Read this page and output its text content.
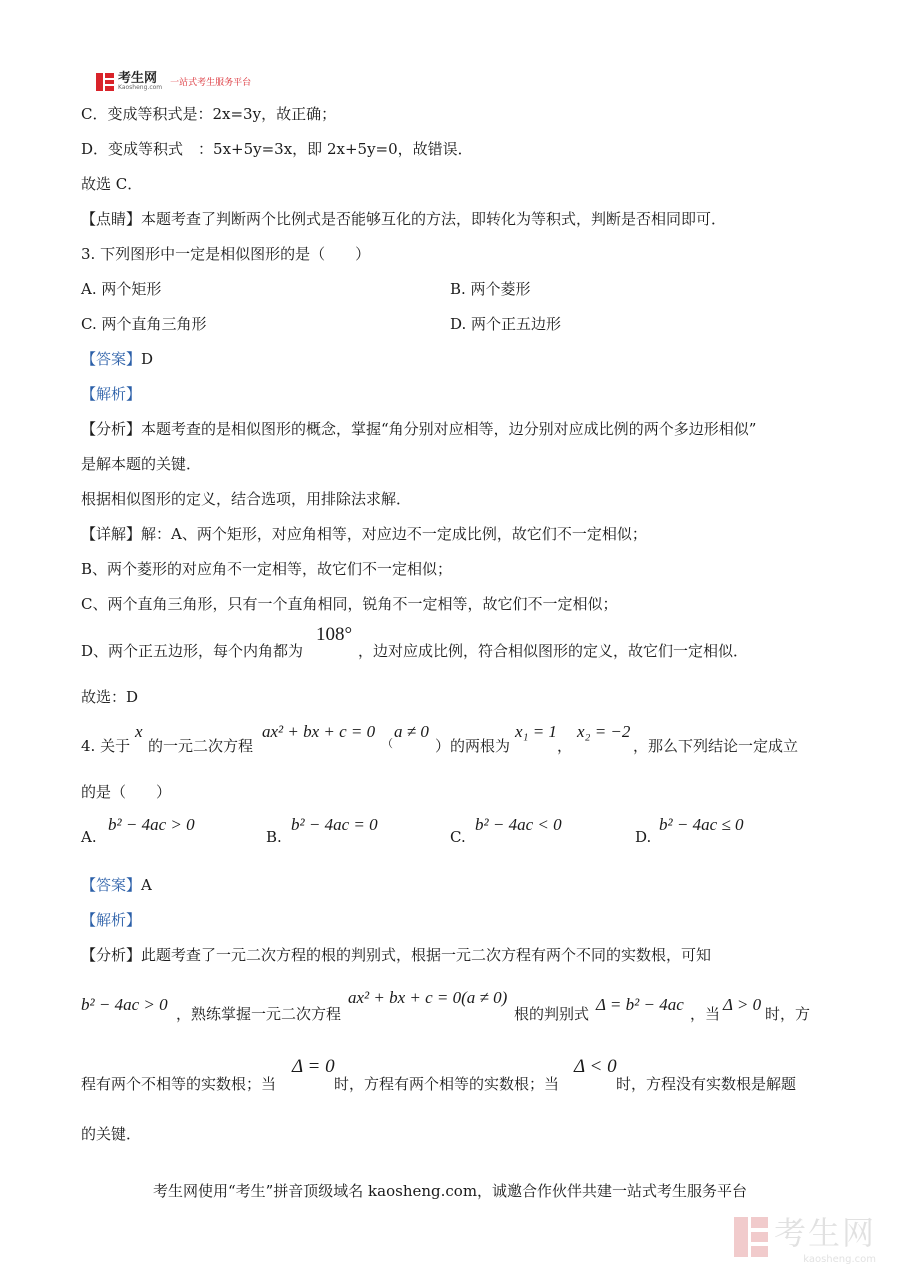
考生网
Kaosheng.com 一站式考生服务平台
C．变成等积式是：2x=3y，故正确；
D．变成等积式　：5x+5y=3x，即 2x+5y=0，故错误．
故选 C．
【点睛】本题考查了判断两个比例式是否能够互化的方法，即转化为等积式，判断是否相同即可．
3. 下列图形中一定是相似图形的是（　　）
A. 两个矩形	B. 两个菱形
C. 两个直角三角形	D. 两个正五边形
【答案】D
【解析】
【分析】本题考查的是相似图形的概念，掌握“角分别对应相等，边分别对应成比例的两个多边形相似”
是解本题的关键．
根据相似图形的定义，结合选项，用排除法求解．
【详解】解：A、两个矩形，对应角相等，对应边不一定成比例，故它们不一定相似；
B、两个菱形的对应角不一定相等，故它们不一定相似；
C、两个直角三角形，只有一个直角相同，锐角不一定相等，故它们不一定相似；
D、两个正五边形，每个内角都为
108°
，边对应成比例，符合相似图形的定义，故它们一定相似．
故选：D
4. 关于
x
的一元二次方程
ax² + bx + c = 0
（
a ≠ 0
）的两根为
x₁ = 1
，
x₂ = −2
，那么下列结论一定成立
的是（　　）
A.
b² − 4ac > 0
B.
b² − 4ac = 0
C.
b² − 4ac < 0
D.
b² − 4ac ≤ 0
【答案】A
【解析】
【分析】此题考查了一元二次方程的根的判别式，根据一元二次方程有两个不同的实数根，可知
b² − 4ac > 0 ，熟练掌握一元二次方程
ax² + bx + c = 0(a ≠ 0)
根的判别式 Δ = b² − 4ac ，当 Δ > 0 时，方
程有两个不相等的实数根；当
Δ = 0
时，方程有两个相等的实数根；当
Δ < 0
时，方程没有实数根是解题
的关键．
考生网使用“考生”拼音顶级域名 kaosheng.com，诚邀合作伙伴共建一站式考生服务平台
考生网
kaosheng.com
